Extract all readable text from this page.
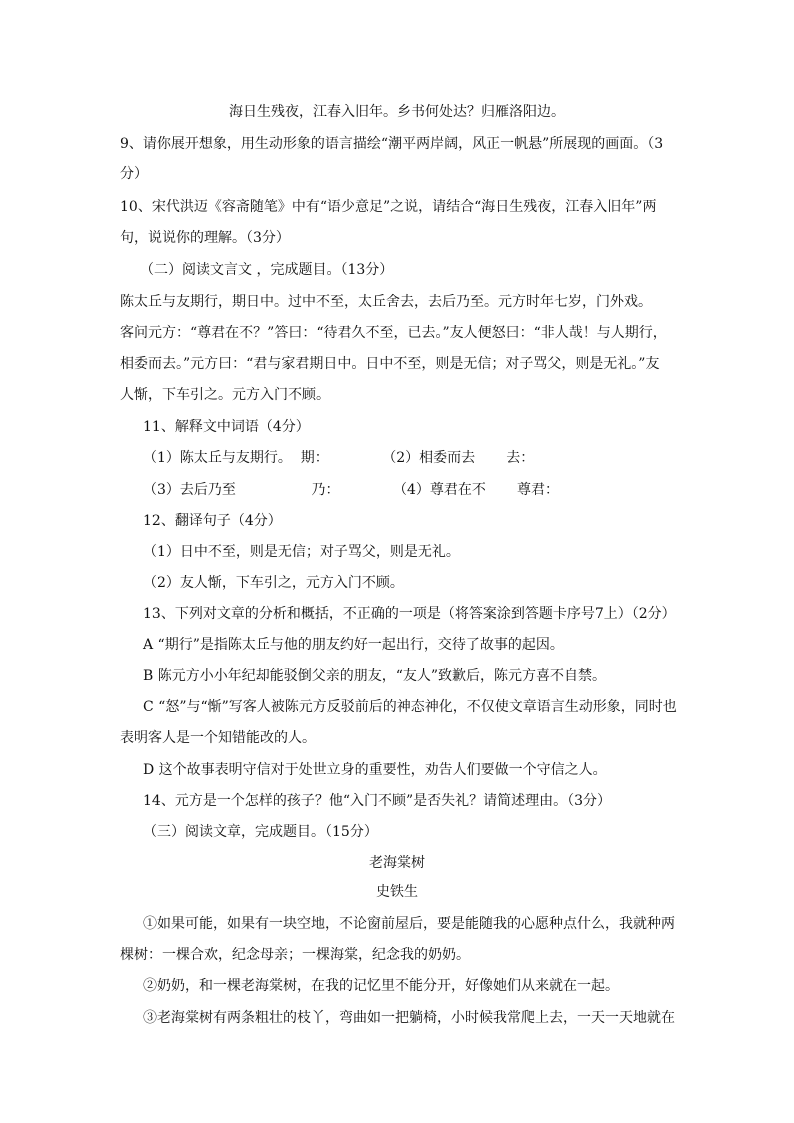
海日生残夜，江春入旧年。乡书何处达？归雁洛阳边。
9、请你展开想象，用生动形象的语言描绘“潮平两岸阔，风正一帆悬”所展现的画面。（3
分）
10、宋代洪迈《容斋随笔》中有“语少意足”之说，请结合“海日生残夜，江春入旧年”两
句，说说你的理解。（3分）
（二）阅读文言文 ，完成题目。（13分）
陈太丘与友期行，期日中。过中不至，太丘舍去，去后乃至。元方时年七岁，门外戏。
客问元方：“尊君在不？”答曰：“待君久不至，已去。”友人便怒曰：“非人哉！与人期行，
相委而去。”元方曰：“君与家君期日中。日中不至，则是无信；对子骂父，则是无礼。”友
人惭，下车引之。元方入门不顾。
11、解释文中词语（4分）
（1）陈太丘与友期行。  期：            （2）相委而去       去：
（3）去后乃至                 乃：            （4）尊君在不       尊君：
12、翻译句子（4分）
（1）日中不至，则是无信；对子骂父，则是无礼。
（2）友人惭，下车引之，元方入门不顾。
13、下列对文章的分析和概括，不正确的一项是（将答案涂到答题卡序号7上）（2分）
A “期行”是指陈太丘与他的朋友约好一起出行，交待了故事的起因。
B 陈元方小小年纪却能驳倒父亲的朋友，“友人”致歉后，陈元方喜不自禁。
C “怒”与“惭”写客人被陈元方反驳前后的神态神化，不仅使文章语言生动形象，同时也
表明客人是一个知错能改的人。
D 这个故事表明守信对于处世立身的重要性，劝告人们要做一个守信之人。
14、元方是一个怎样的孩子？他“入门不顾”是否失礼？请简述理由。（3分）
（三）阅读文章，完成题目。（15分）
老海棠树
史铁生
①如果可能，如果有一块空地，不论窗前屋后，要是能随我的心愿种点什么，我就种两
棵树：一棵合欢，纪念母亲；一棵海棠，纪念我的奶奶。
②奶奶，和一棵老海棠树，在我的记忆里不能分开，好像她们从来就在一起。
③老海棠树有两条粗壮的枝丫，弯曲如一把躺椅，小时候我常爬上去，一天一天地就在
